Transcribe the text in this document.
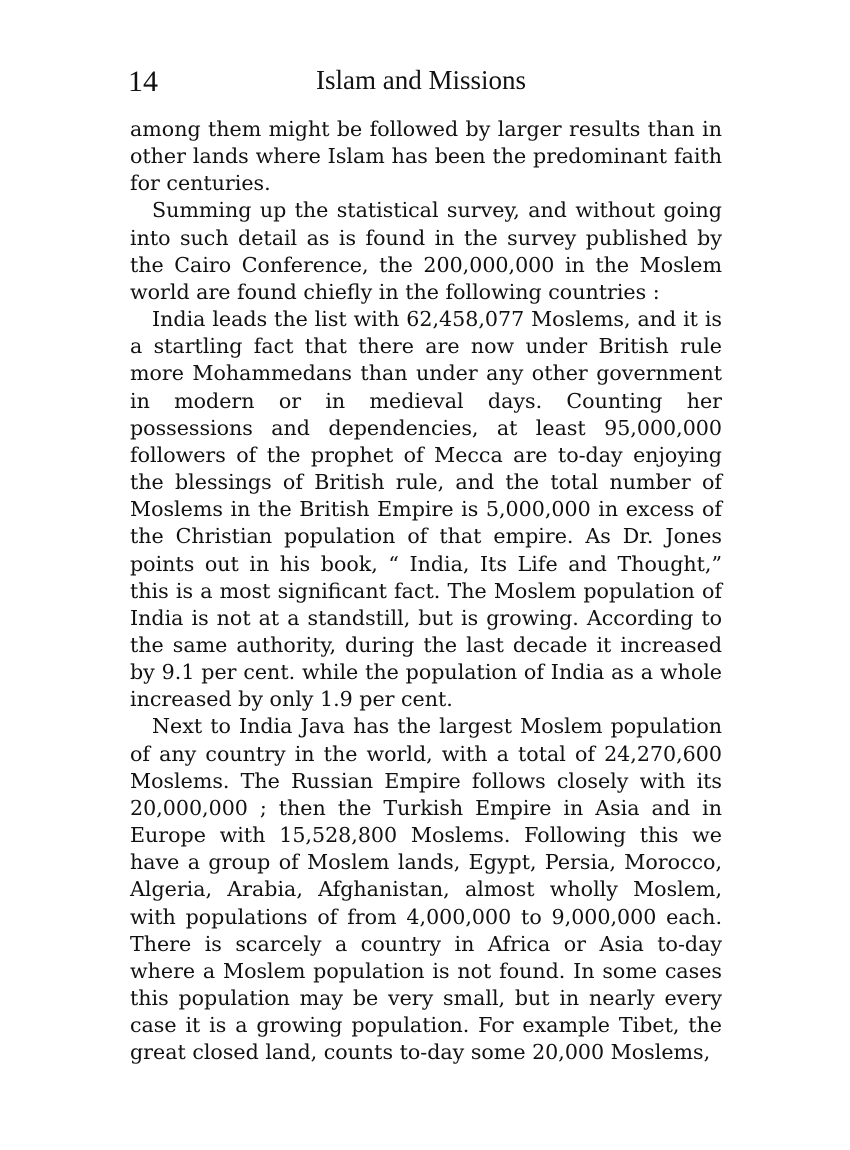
14	Islam and Missions

among them might be followed by larger results than in other lands where Islam has been the predominant faith for centuries.

Summing up the statistical survey, and without going into such detail as is found in the survey published by the Cairo Conference, the 200,000,000 in the Moslem world are found chiefly in the following countries :

India leads the list with 62,458,077 Moslems, and it is a startling fact that there are now under British rule more Mohammedans than under any other government in modern or in medieval days. Counting her possessions and dependencies, at least 95,000,000 followers of the prophet of Mecca are to-day enjoying the blessings of British rule, and the total number of Moslems in the British Empire is 5,000,000 in excess of the Christian population of that empire. As Dr. Jones points out in his book, “ India, Its Life and Thought,” this is a most significant fact. The Moslem population of India is not at a standstill, but is growing. According to the same authority, during the last decade it increased by 9.1 per cent. while the population of India as a whole increased by only 1.9 per cent.

Next to India Java has the largest Moslem population of any country in the world, with a total of 24,270,600 Moslems. The Russian Empire follows closely with its 20,000,000 ; then the Turkish Empire in Asia and in Europe with 15,528,800 Moslems. Following this we have a group of Moslem lands, Egypt, Persia, Morocco, Algeria, Arabia, Afghanistan, almost wholly Moslem, with populations of from 4,000,000 to 9,000,000 each. There is scarcely a country in Africa or Asia to-day where a Moslem population is not found. In some cases this population may be very small, but in nearly every case it is a growing population. For example Tibet, the great closed land, counts to-day some 20,000 Moslems,
